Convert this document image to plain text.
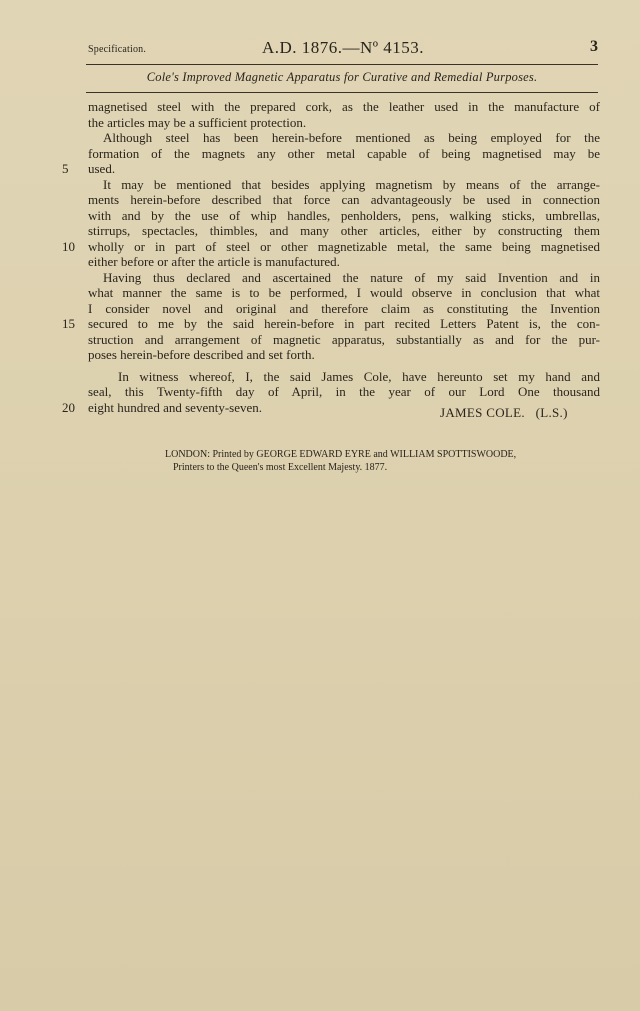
Specification.	A.D. 1876.—Nº 4153.	3
Cole's Improved Magnetic Apparatus for Curative and Remedial Purposes.
magnetised steel with the prepared cork, as the leather used in the manufacture of
the articles may be a sufficient protection.
Although steel has been herein-before mentioned as being employed for the
formation of the magnets any other metal capable of being magnetised may be
used.
5
It may be mentioned that besides applying magnetism by means of the arrange-
ments herein-before described that force can advantageously be used in connection
with and by the use of whip handles, penholders, pens, walking sticks, umbrellas,
stirrups, spectacles, thimbles, and many other articles, either by constructing them
wholly or in part of steel or other magnetizable metal, the same being magnetised
10
either before or after the article is manufactured.
Having thus declared and ascertained the nature of my said Invention and in
what manner the same is to be performed, I would observe in conclusion that what
I consider novel and original and therefore claim as constituting the Invention
secured to me by the said herein-before in part recited Letters Patent is, the con-
15
struction and arrangement of magnetic apparatus, substantially as and for the pur-
poses herein-before described and set forth.
In witness whereof, I, the said James Cole, have hereunto set my hand and
seal, this Twenty-fifth day of April, in the year of our Lord One thousand
eight hundred and seventy-seven.
20	JAMES COLE. (L.S.)
LONDON: Printed by GEORGE EDWARD EYRE and WILLIAM SPOTTISWOODE,
Printers to the Queen's most Excellent Majesty. 1877.
